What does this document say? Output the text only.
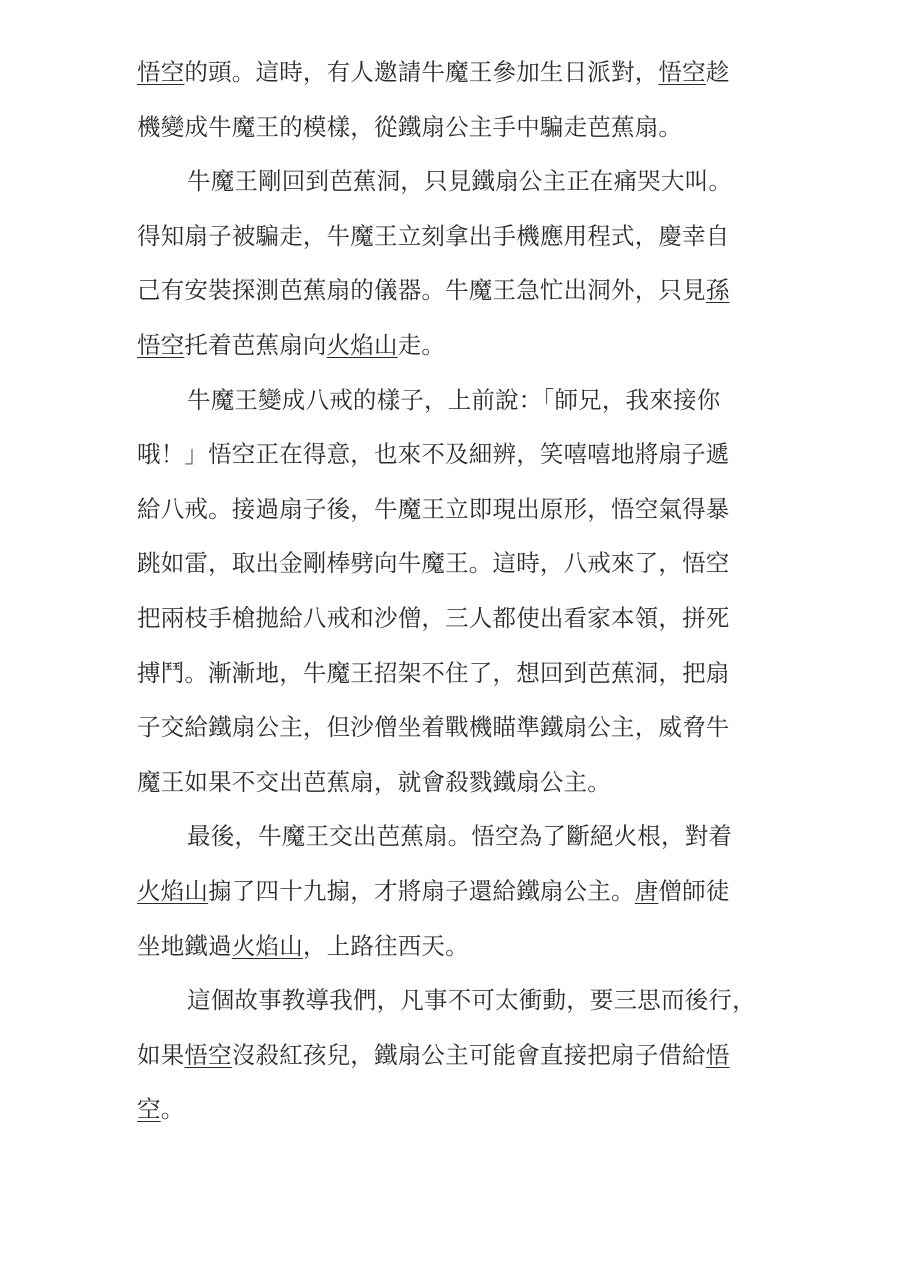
悟空的頭。這時，有人邀請牛魔王參加生日派對，悟空趁
機變成牛魔王的模樣，從鐵扇公主手中騙走芭蕉扇。
牛魔王剛回到芭蕉洞，只見鐵扇公主正在痛哭大叫。
得知扇子被騙走，牛魔王立刻拿出手機應用程式，慶幸自
己有安裝探測芭蕉扇的儀器。牛魔王急忙出洞外，只見孫
悟空托着芭蕉扇向火焰山走。
牛魔王變成八戒的樣子，上前說：「師兄，我來接你
哦！」悟空正在得意，也來不及細辨，笑嘻嘻地將扇子遞
給八戒。接過扇子後，牛魔王立即現出原形，悟空氣得暴
跳如雷，取出金剛棒劈向牛魔王。這時，八戒來了，悟空
把兩枝手槍拋給八戒和沙僧，三人都使出看家本領，拼死
搏鬥。漸漸地，牛魔王招架不住了，想回到芭蕉洞，把扇
子交給鐵扇公主，但沙僧坐着戰機瞄準鐵扇公主，威脅牛
魔王如果不交出芭蕉扇，就會殺戮鐵扇公主。
最後，牛魔王交出芭蕉扇。悟空為了斷絕火根，對着
火焰山搧了四十九搧，才將扇子還給鐵扇公主。唐僧師徒
坐地鐵過火焰山，上路往西天。
這個故事教導我們，凡事不可太衝動，要三思而後行，
如果悟空沒殺紅孩兒，鐵扇公主可能會直接把扇子借給悟
空。
